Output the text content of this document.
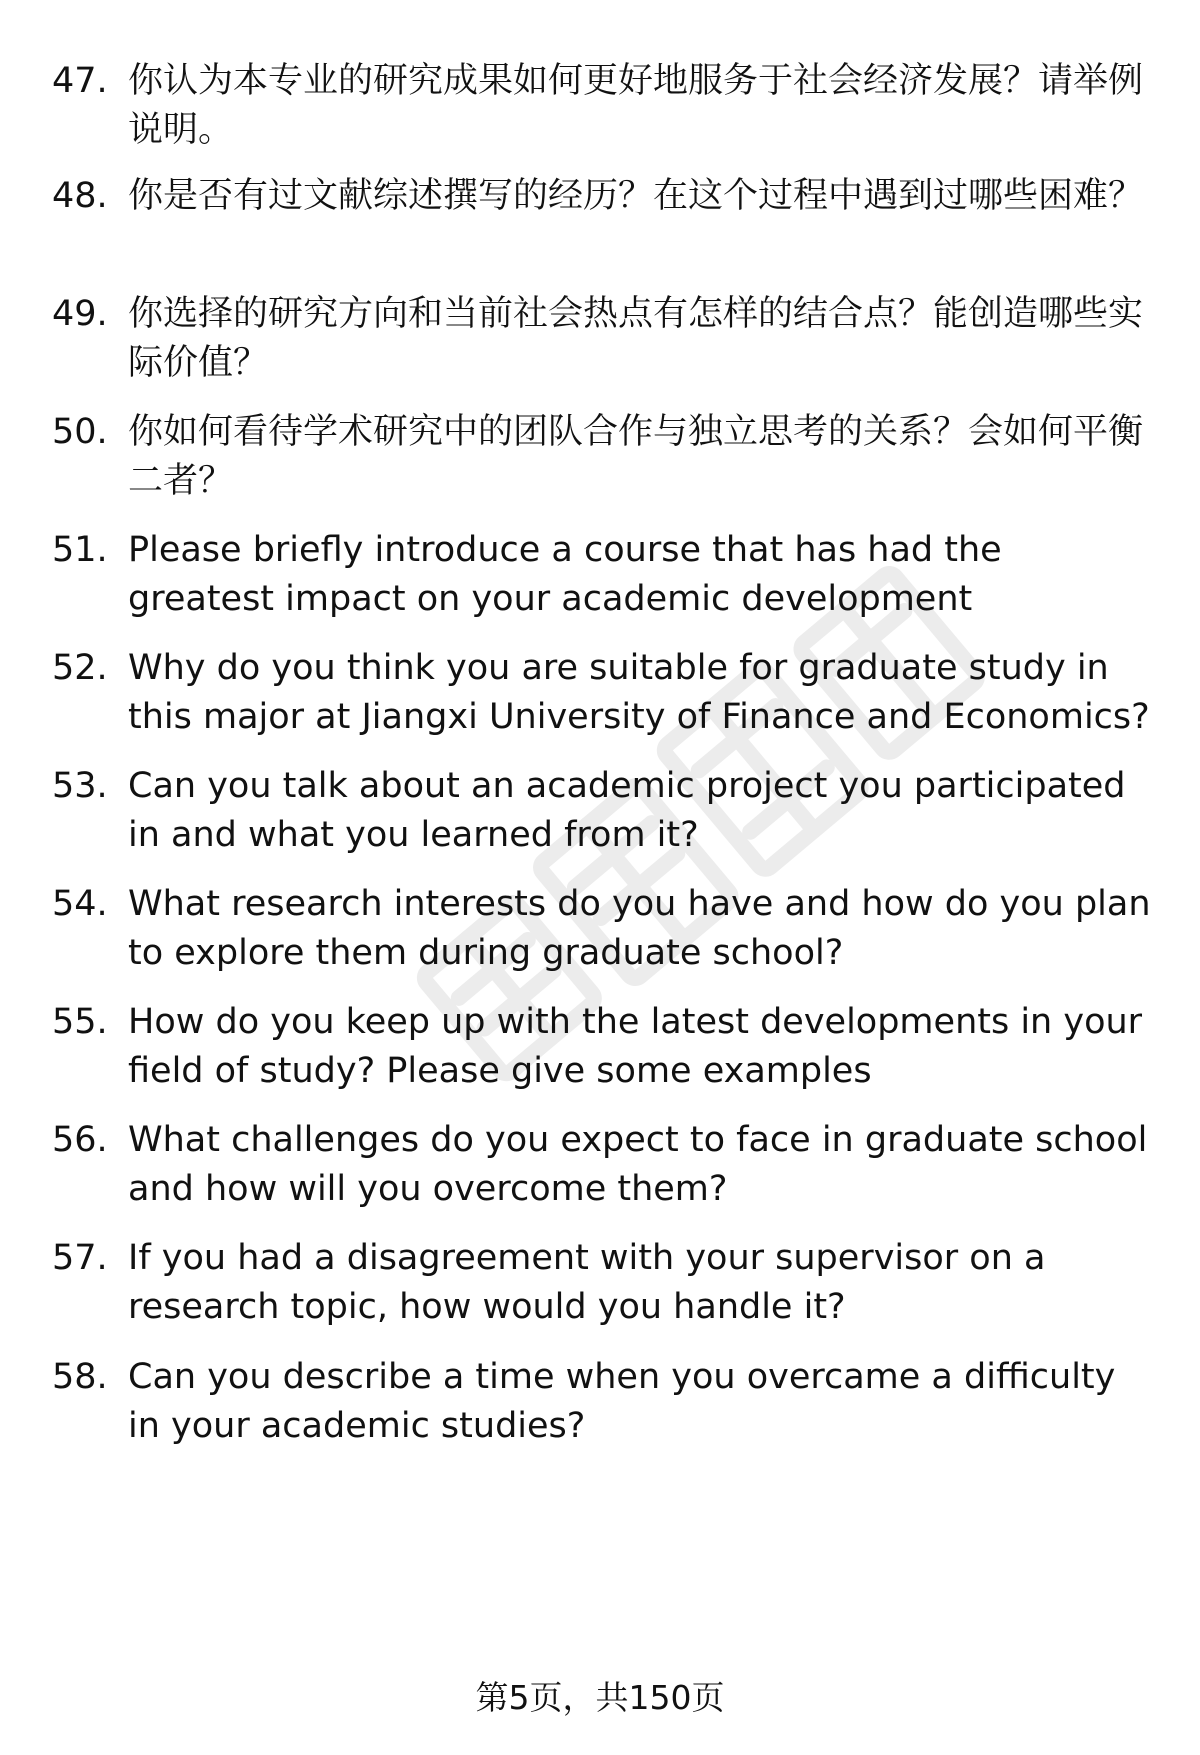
47. 你认为本专业的研究成果如何更好地服务于社会经济发展？请举例说明。
48. 你是否有过文献综述撰写的经历？在这个过程中遇到过哪些困难？
49. 你选择的研究方向和当前社会热点有怎样的结合点？能创造哪些实际价值？
50. 你如何看待学术研究中的团队合作与独立思考的关系？会如何平衡二者？
51. Please briefly introduce a course that has had the greatest impact on your academic development
52. Why do you think you are suitable for graduate study in this major at Jiangxi University of Finance and Economics?
53. Can you talk about an academic project you participated in and what you learned from it?
54. What research interests do you have and how do you plan to explore them during graduate school?
55. How do you keep up with the latest developments in your field of study? Please give some examples
56. What challenges do you expect to face in graduate school and how will you overcome them?
57. If you had a disagreement with your supervisor on a research topic, how would you handle it?
58. Can you describe a time when you overcame a difficulty in your academic studies?
第5页，共150页
